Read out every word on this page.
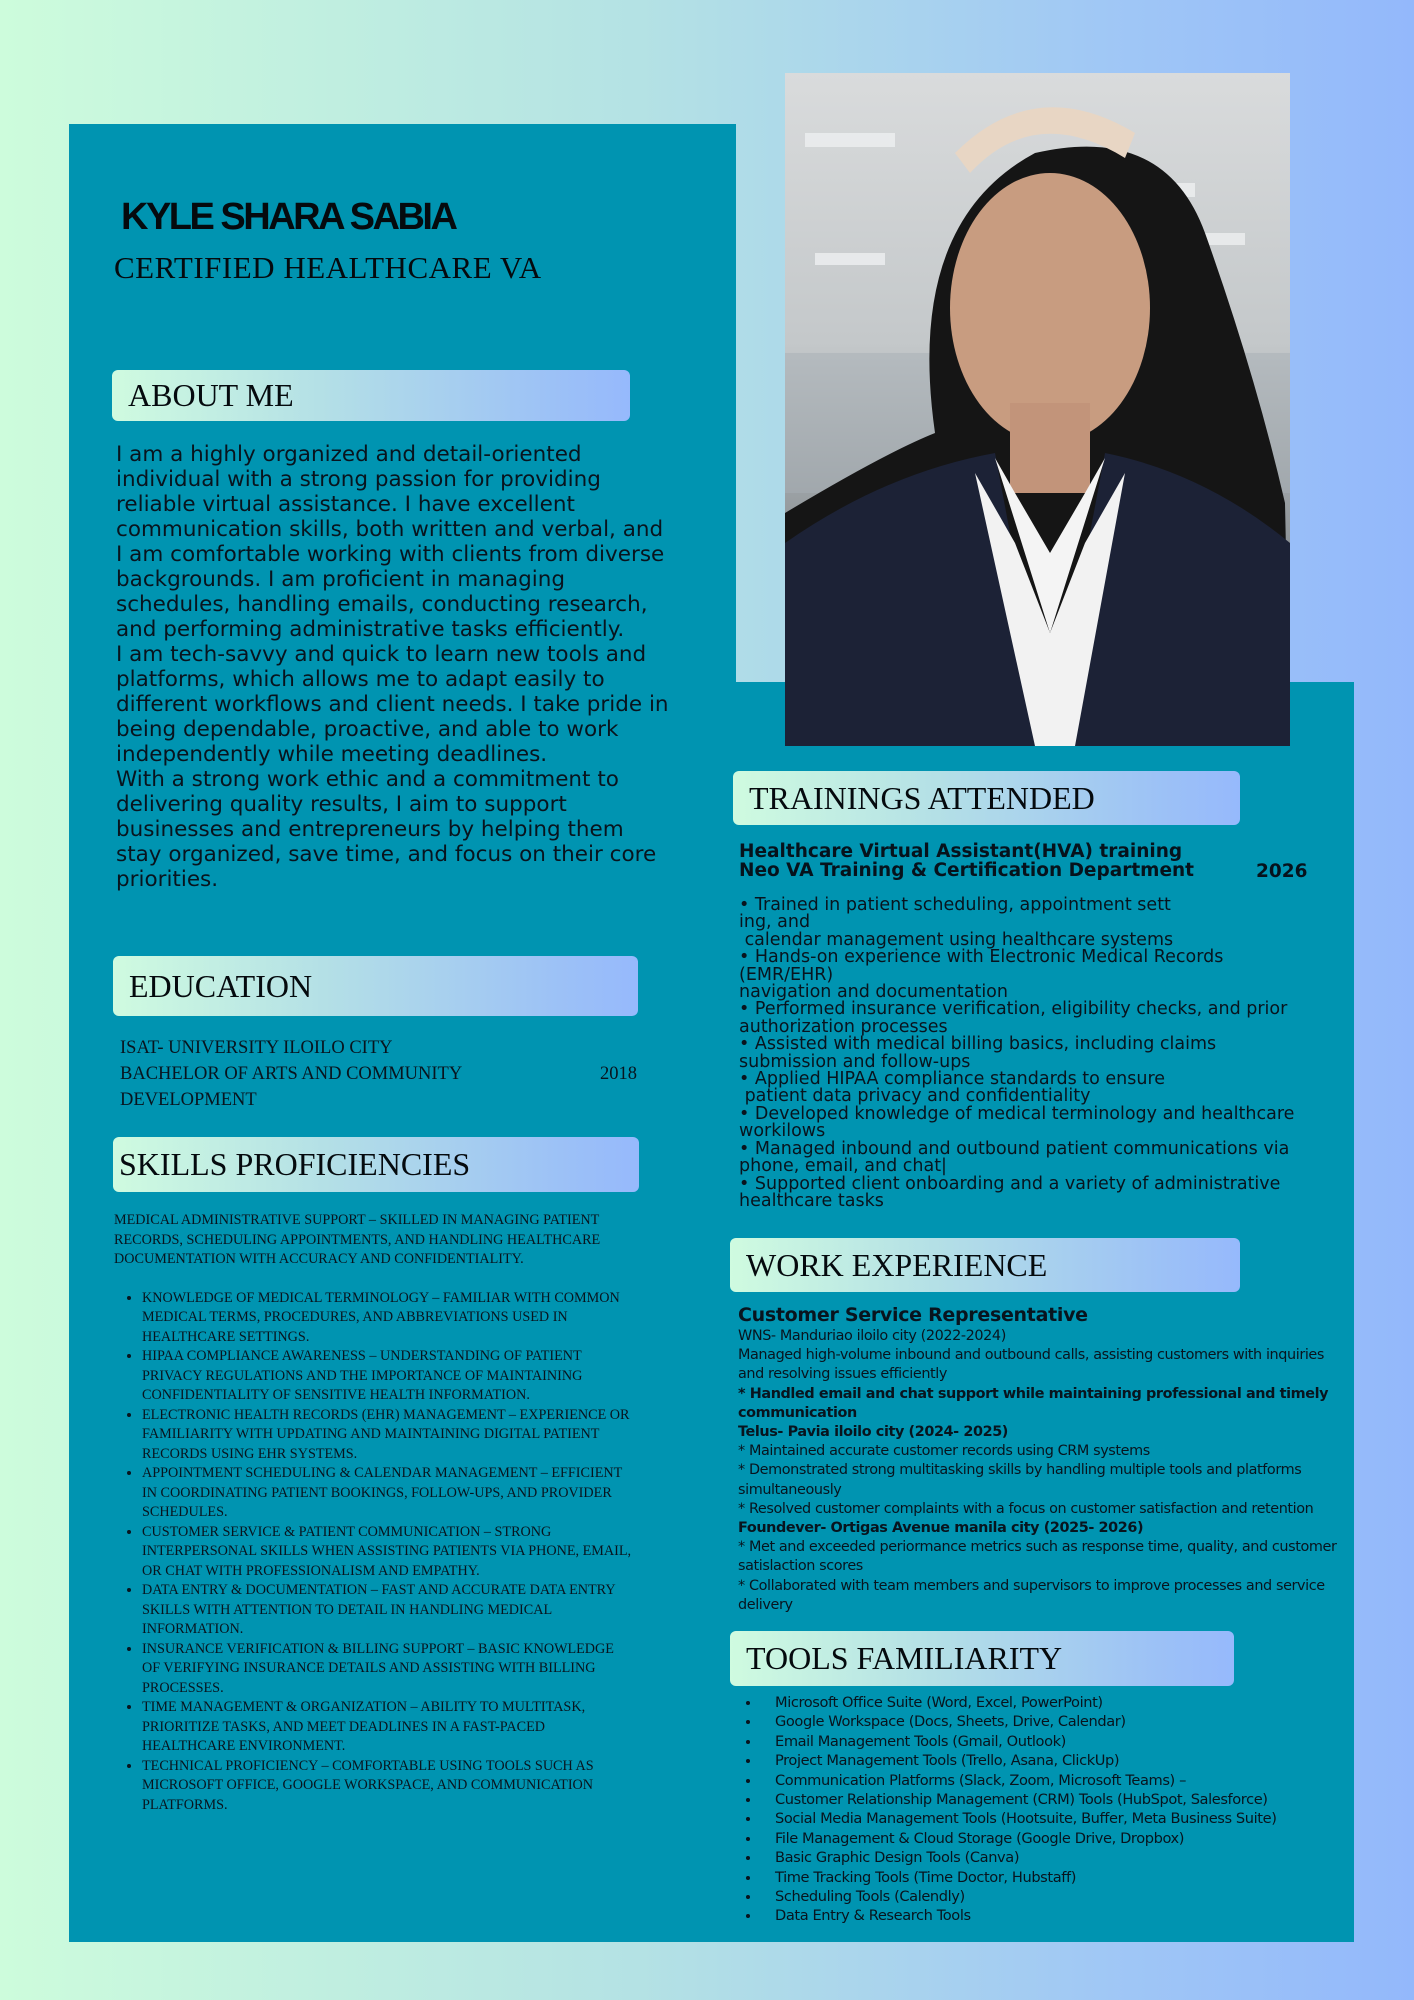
KYLE SHARA SABIA
CERTIFIED HEALTHCARE VA
ABOUT ME

I am a highly organized and detail-oriented individual with a strong passion for providing reliable virtual assistance. I have excellent communication skills, both written and verbal, and I am comfortable working with clients from diverse backgrounds. I am proficient in managing schedules, handling emails, conducting research, and performing administrative tasks efficiently.

I am tech-savvy and quick to learn new tools and platforms, which allows me to adapt easily to different workflows and client needs. I take pride in being dependable, proactive, and able to work independently while meeting deadlines.

With a strong work ethic and a commitment to delivering quality results, I aim to support businesses and entrepreneurs by helping them stay organized, save time, and focus on their core priorities.

EDUCATION
ISAT- UNIVERSITY ILOILO CITY
BACHELOR OF ARTS AND COMMUNITY
DEVELOPMENT
2018
SKILLS PROFICIENCIES

MEDICAL ADMINISTRATIVE SUPPORT – SKILLED IN MANAGING PATIENT RECORDS, SCHEDULING APPOINTMENTS, AND HANDLING HEALTHCARE DOCUMENTATION WITH ACCURACY AND CONFIDENTIALITY.

• KNOWLEDGE OF MEDICAL TERMINOLOGY – FAMILIAR WITH COMMON MEDICAL TERMS, PROCEDURES, AND ABBREVIATIONS USED IN HEALTHCARE SETTINGS.
• HIPAA COMPLIANCE AWARENESS – UNDERSTANDING OF PATIENT PRIVACY REGULATIONS AND THE IMPORTANCE OF MAINTAINING CONFIDENTIALITY OF SENSITIVE HEALTH INFORMATION.
• ELECTRONIC HEALTH RECORDS (EHR) MANAGEMENT – EXPERIENCE OR FAMILIARITY WITH UPDATING AND MAINTAINING DIGITAL PATIENT RECORDS USING EHR SYSTEMS.
• APPOINTMENT SCHEDULING & CALENDAR MANAGEMENT – EFFICIENT IN COORDINATING PATIENT BOOKINGS, FOLLOW-UPS, AND PROVIDER SCHEDULES.
• CUSTOMER SERVICE & PATIENT COMMUNICATION – STRONG INTERPERSONAL SKILLS WHEN ASSISTING PATIENTS VIA PHONE, EMAIL, OR CHAT WITH PROFESSIONALISM AND EMPATHY.
• DATA ENTRY & DOCUMENTATION – FAST AND ACCURATE DATA ENTRY SKILLS WITH ATTENTION TO DETAIL IN HANDLING MEDICAL INFORMATION.
• INSURANCE VERIFICATION & BILLING SUPPORT – BASIC KNOWLEDGE OF VERIFYING INSURANCE DETAILS AND ASSISTING WITH BILLING PROCESSES.
• TIME MANAGEMENT & ORGANIZATION – ABILITY TO MULTITASK, PRIORITIZE TASKS, AND MEET DEADLINES IN A FAST-PACED HEALTHCARE ENVIRONMENT.
• TECHNICAL PROFICIENCY – COMFORTABLE USING TOOLS SUCH AS MICROSOFT OFFICE, GOOGLE WORKSPACE, AND COMMUNICATION PLATFORMS.
TRAININGS ATTENDED
Healthcare Virtual Assistant(HVA) training
Neo VA Training & Certification Department	2026
• Trained in patient scheduling, appointment sett
ing, and
calendar management using healthcare systems
• Hands-on experience with Electronic Medical Records
(EMR/EHR)
navigation and documentation
• Performed insurance verification, eligibility checks, and prior
authorization processes
• Assisted with medical billing basics, including claims
submission and follow-ups
• Applied HIPAA compliance standards to ensure
patient data privacy and confidentiality
• Developed knowledge of medical terminology and healthcare
workilows
• Managed inbound and outbound patient communications via
phone, email, and chat|
• Supported client onboarding and a variety of administrative
healthcare tasks
WORK EXPERIENCE
Customer Service Representative
WNS- Manduriao iloilo city (2022-2024)
Managed high-volume inbound and outbound calls, assisting customers with inquiries and resolving issues efficiently
* Handled email and chat support while maintaining professional and timely communication
Telus- Pavia iloilo city (2024- 2025)
* Maintained accurate customer records using CRM systems
* Demonstrated strong multitasking skills by handling multiple tools and platforms simultaneously
* Resolved customer complaints with a focus on customer satisfaction and retention
Foundever- Ortigas Avenue manila city (2025- 2026)
* Met and exceeded periormance metrics such as response time, quality, and customer satislaction scores
* Collaborated with team members and supervisors to improve processes and service delivery
TOOLS FAMILIARITY
• Microsoft Office Suite (Word, Excel, PowerPoint)
• Google Workspace (Docs, Sheets, Drive, Calendar)
• Email Management Tools (Gmail, Outlook)
• Project Management Tools (Trello, Asana, ClickUp)
• Communication Platforms (Slack, Zoom, Microsoft Teams) –
• Customer Relationship Management (CRM) Tools (HubSpot, Salesforce)
• Social Media Management Tools (Hootsuite, Buffer, Meta Business Suite)
• File Management & Cloud Storage (Google Drive, Dropbox)
• Basic Graphic Design Tools (Canva)
• Time Tracking Tools (Time Doctor, Hubstaff)
• Scheduling Tools (Calendly)
• Data Entry & Research Tools
